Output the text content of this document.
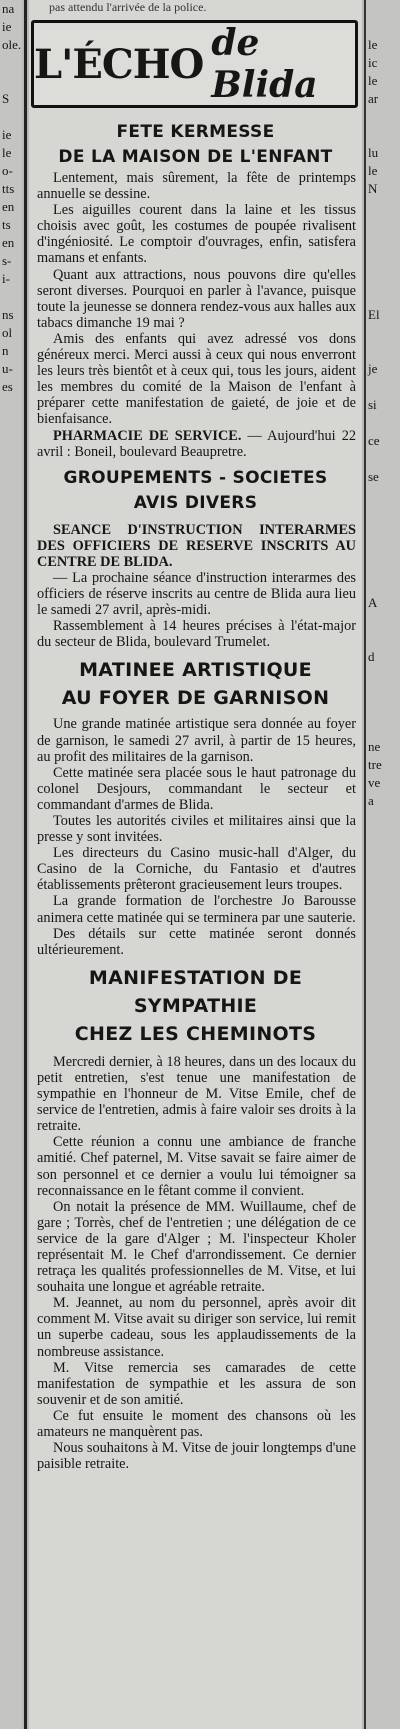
na
ie
ole.

S

ie
le
o-
tts
en
ts
en
s-
i-

ns
ol
n
u-
es

le
ic
le
ar

lu
le
N

El

je

si

ce

se

A

d

ne
tre
ve
a

pas attendu l'arrivée de la police.
L'ÉCHO de Blida
FETE KERMESSE
DE LA MAISON DE L'ENFANT

Lentement, mais sûrement, la fête de printemps annuelle se dessine.

Les aiguilles courent dans la laine et les tissus choisis avec goût, les costumes de poupée rivalisent d'ingéniosité. Le comptoir d'ouvrages, enfin, satisfera mamans et enfants.

Quant aux attractions, nous pouvons dire qu'elles seront diverses. Pourquoi en parler à l'avance, puisque toute la jeunesse se donnera rendez-vous aux halles aux tabacs dimanche 19 mai ?

Amis des enfants qui avez adressé vos dons généreux merci. Merci aussi à ceux qui nous enverront les leurs très bientôt et à ceux qui, tous les jours, aident les membres du comité de la Maison de l'enfant à préparer cette manifestation de gaieté, de joie et de bienfaisance.

PHARMACIE DE SERVICE. — Aujourd'hui 22 avril : Boneil, boulevard Beaupretre.

GROUPEMENTS - SOCIETES
AVIS DIVERS

SEANCE D'INSTRUCTION INTERARMES DES OFFICIERS DE RESERVE INSCRITS AU CENTRE DE BLIDA.

— La prochaine séance d'instruction interarmes des officiers de réserve inscrits au centre de Blida aura lieu le samedi 27 avril, après-midi.

Rassemblement à 14 heures précises à l'état-major du secteur de Blida, boulevard Trumelet.

MATINEE ARTISTIQUE
AU FOYER DE GARNISON

Une grande matinée artistique sera donnée au foyer de garnison, le samedi 27 avril, à partir de 15 heures, au profit des militaires de la garnison.

Cette matinée sera placée sous le haut patronage du colonel Desjours, commandant le secteur et commandant d'armes de Blida.

Toutes les autorités civiles et militaires ainsi que la presse y sont invitées.

Les directeurs du Casino music-hall d'Alger, du Casino de la Corniche, du Fantasio et d'autres établissements prêteront gracieusement leurs troupes.

La grande formation de l'orchestre Jo Barousse animera cette matinée qui se terminera par une sauterie.

Des détails sur cette matinée seront donnés ultérieurement.

MANIFESTATION DE SYMPATHIE
CHEZ LES CHEMINOTS

Mercredi dernier, à 18 heures, dans un des locaux du petit entretien, s'est tenue une manifestation de sympathie en l'honneur de M. Vitse Emile, chef de service de l'entretien, admis à faire valoir ses droits à la retraite.

Cette réunion a connu une ambiance de franche amitié. Chef paternel, M. Vitse savait se faire aimer de son personnel et ce dernier a voulu lui témoigner sa reconnaissance en le fêtant comme il convient.

On notait la présence de MM. Wuillaume, chef de gare ; Torrès, chef de l'entretien ; une délégation de ce service de la gare d'Alger ; M. l'inspecteur Kholer représentait M. le Chef d'arrondissement. Ce dernier retraça les qualités professionnelles de M. Vitse, et lui souhaita une longue et agréable retraite.

M. Jeannet, au nom du personnel, après avoir dit comment M. Vitse avait su diriger son service, lui remit un superbe cadeau, sous les applaudissements de la nombreuse assistance.

M. Vitse remercia ses camarades de cette manifestation de sympathie et les assura de son souvenir et de son amitié.

Ce fut ensuite le moment des chansons où les amateurs ne manquèrent pas.

Nous souhaitons à M. Vitse de jouir longtemps d'une paisible retraite.
